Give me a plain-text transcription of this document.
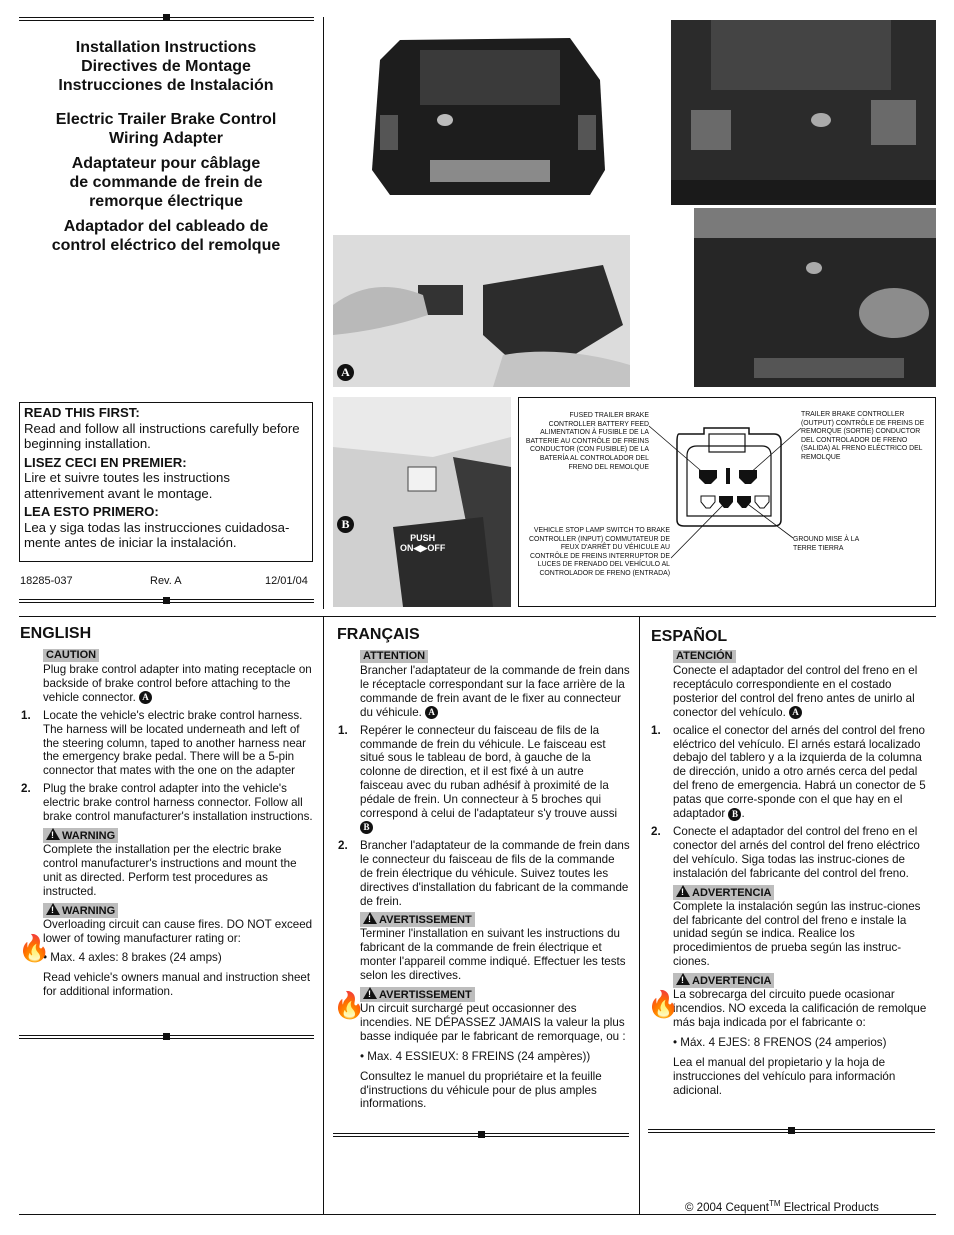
Installation Instructions
Directives de Montage
Instrucciones de Instalación
Electric Trailer Brake Control
Wiring Adapter
Adaptateur pour câblage
de commande de frein de
remorque électrique
Adaptador del cableado de
control eléctrico del remolque
A
PUSH
ON◀▶OFF
B
FUSED TRAILER BRAKE CONTROLLER BATTERY FEED ALIMENTATION À FUSIBLE DE LA BATTERIE AU CONTRÔLE DE FREINS CONDUCTOR (CON FUSIBLE) DE LA BATERÍA AL CONTROLADOR DEL FRENO DEL REMOLQUE
TRAILER BRAKE CONTROLLER (OUTPUT) CONTRÔLE DE FREINS DE REMORQUE (SORTIE) CONDUCTOR DEL CONTROLADOR DE FRENO (SALIDA) AL FRENO ELÉCTRICO DEL REMOLQUE
VEHICLE STOP LAMP SWITCH TO BRAKE CONTROLLER (INPUT) COMMUTATEUR DE FEUX D'ARRÊT DU VÉHICULE AU CONTRÔLE DE FREINS INTERRUPTOR DE LUCES DE FRENADO DEL VEHÍCULO AL CONTROLADOR DE FRENO (ENTRADA)
GROUND MISE À LA TERRE TIERRA
READ THIS FIRST:
Read and follow all instructions carefully before beginning installation.
LISEZ CECI EN PREMIER:
Lire et suivre toutes les instructions attenrivement avant le montage.
LEA ESTO PRIMERO:
Lea y siga todas las instrucciones cuidadosa-mente antes de iniciar la instalación.
18285-037	Rev. A	12/01/04
ENGLISH
CAUTION
Plug brake control adapter into mating receptacle on backside of brake control before attaching to the vehicle connector. A
1. Locate the vehicle's electric brake control harness. The harness will be located underneath and left of the steering column, taped to another harness near the emergency brake pedal. There will be a 5-pin connector that mates with the one on the adapter
2. Plug the brake control adapter into the vehicle's electric brake control harness connector. Follow all brake control manufacturer's installation instructions.
! WARNING
Complete the installation per the electric brake control manufacturer's instructions and mount the unit as directed. Perform test procedures as instructed.
! WARNING
Overloading circuit can cause fires. DO NOT exceed lower of towing manufacturer rating or:
• Max. 4 axles: 8 brakes (24 amps)
Read vehicle's owners manual and instruction sheet for additional information.
🔥
FRANÇAIS
ATTENTION
Brancher l'adaptateur de la commande de frein dans le réceptacle correspondant sur la face arrière de la commande de frein avant de le fixer au connecteur du véhicule. A
1. Repérer le connecteur du faisceau de fils de la commande de frein du véhicule. Le faisceau est situé sous le tableau de bord, à gauche de la colonne de direction, et il est fixé à un autre faisceau avec du ruban adhésif à proximité de la pédale de frein. Un connecteur à 5 broches qui correspond à celui de l'adaptateur s'y trouve aussi B
2. Brancher l'adaptateur de la commande de frein dans le connecteur du faisceau de fils de la commande de frein électrique du véhicule. Suivez toutes les directives d'installation du fabricant de la commande de frein.
! AVERTISSEMENT
Terminer l'installation en suivant les instructions du fabricant de la commande de frein électrique et monter l'appareil comme indiqué. Effectuer les tests selon les directives.
! AVERTISSEMENT
Un circuit surchargé peut occasionner des incendies. NE DÉPASSEZ JAMAIS la valeur la plus basse indiquée par le fabricant de remorquage, ou :
• Max. 4 ESSIEUX: 8 FREINS (24 ampères))
Consultez le manuel du propriétaire et la feuille d'instructions du véhicule pour de plus amples informations.
🔥
ESPAÑOL
ATENCIÓN
Conecte el adaptador del control del freno en el receptáculo correspondiente en el costado posterior del control del freno antes de unirlo al conector del vehículo. A
1. ocalice el conector del arnés del control del freno eléctrico del vehículo. El arnés estará localizado debajo del tablero y a la izquierda de la columna de dirección, unido a otro arnés cerca del pedal del freno de emergencia. Habrá un conector de 5 patas que corre-sponde con el que hay en el adaptador B .
2. Conecte el adaptador del control del freno en el conector del arnés del control del freno eléctrico del vehículo. Siga todas las instruc-ciones de instalación del fabricante del control del freno.
! ADVERTENCIA
Complete la instalación según las instruc-ciones del fabricante del control del freno e instale la unidad según se indica. Realice los procedimientos de prueba según las instruc-ciones.
! ADVERTENCIA
La sobrecarga del circuito puede ocasionar incendios. NO exceda la calificación de remolque más baja indicada por el fabricante o:
• Máx. 4 EJES: 8 FRENOS (24 amperios)
Lea el manual del propietario y la hoja de instrucciones del vehículo para información adicional.
🔥
© 2004 Cequent™ Electrical Products
